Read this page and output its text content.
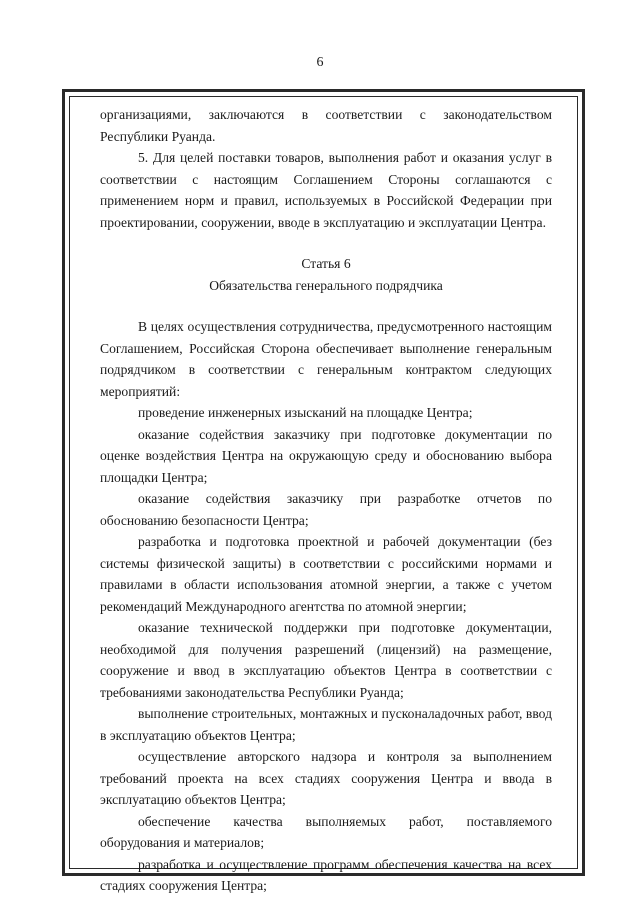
6

организациями, заключаются в соответствии с законодательством Республики Руанда.

5. Для целей поставки товаров, выполнения работ и оказания услуг в соответствии с настоящим Соглашением Стороны соглашаются с применением норм и правил, используемых в Российской Федерации при проектировании, сооружении, вводе в эксплуатацию и эксплуатации Центра.

Статья 6

Обязательства генерального подрядчика

В целях осуществления сотрудничества, предусмотренного настоящим Соглашением, Российская Сторона обеспечивает выполнение генеральным подрядчиком в соответствии с генеральным контрактом следующих мероприятий:

проведение инженерных изысканий на площадке Центра;

оказание содействия заказчику при подготовке документации по оценке воздействия Центра на окружающую среду и обоснованию выбора площадки Центра;

оказание содействия заказчику при разработке отчетов по обоснованию безопасности Центра;

разработка и подготовка проектной и рабочей документации (без системы физической защиты) в соответствии с российскими нормами и правилами в области использования атомной энергии, а также с учетом рекомендаций Международного агентства по атомной энергии;

оказание технической поддержки при подготовке документации, необходимой для получения разрешений (лицензий) на размещение, сооружение и ввод в эксплуатацию объектов Центра в соответствии с требованиями законодательства Республики Руанда;

выполнение строительных, монтажных и пусконаладочных работ, ввод в эксплуатацию объектов Центра;

осуществление авторского надзора и контроля за выполнением требований проекта на всех стадиях сооружения Центра и ввода в эксплуатацию объектов Центра;

обеспечение качества выполняемых работ, поставляемого оборудования и материалов;

разработка и осуществление программ обеспечения качества на всех стадиях сооружения Центра;
